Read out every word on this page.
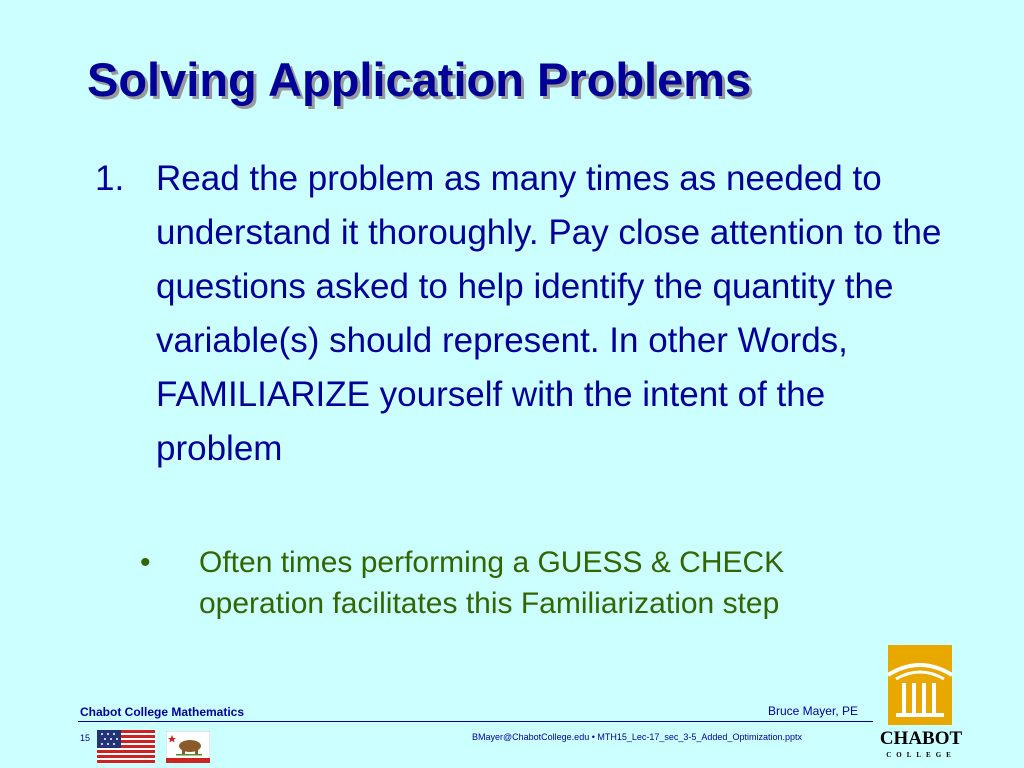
Solving Application Problems
1. Read the problem as many times as needed to understand it thoroughly. Pay close attention to the questions asked to help identify the quantity the variable(s) should represent. In other Words, FAMILIARIZE yourself with the intent of the problem
• Often times performing a GUESS & CHECK operation facilitates this Familiarization step
Chabot College Mathematics	Bruce Mayer, PE
15	BMayer@ChabotCollege.edu • MTH15_Lec-17_sec_3-5_Added_Optimization.pptx	CHABOT
COLLEGE
